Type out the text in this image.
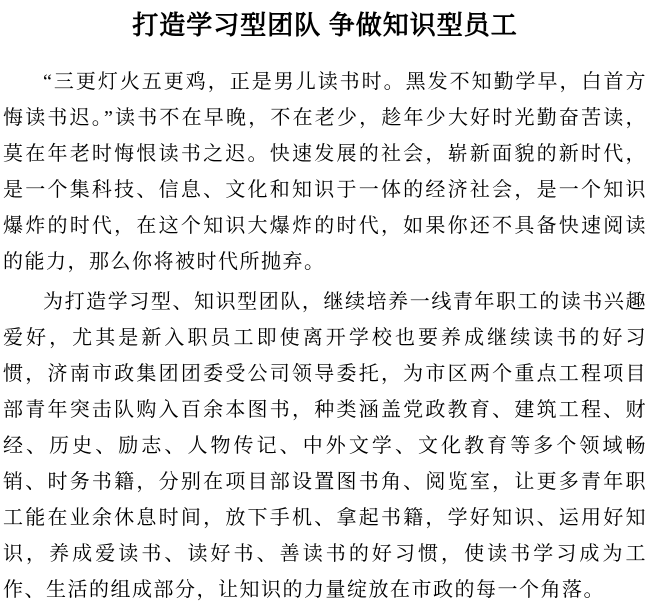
打造学习型团队 争做知识型员工

“三更灯火五更鸡，正是男儿读书时。黑发不知勤学早，白首方悔读书迟。”读书不在早晚，不在老少，趁年少大好时光勤奋苦读，莫在年老时悔恨读书之迟。快速发展的社会，崭新面貌的新时代，是一个集科技、信息、文化和知识于一体的经济社会，是一个知识爆炸的时代，在这个知识大爆炸的时代，如果你还不具备快速阅读的能力，那么你将被时代所抛弃。

为打造学习型、知识型团队，继续培养一线青年职工的读书兴趣爱好，尤其是新入职员工即使离开学校也要养成继续读书的好习惯，济南市政集团团委受公司领导委托，为市区两个重点工程项目部青年突击队购入百余本图书，种类涵盖党政教育、建筑工程、财经、历史、励志、人物传记、中外文学、文化教育等多个领域畅销、时务书籍，分别在项目部设置图书角、阅览室，让更多青年职工能在业余休息时间，放下手机、拿起书籍，学好知识、运用好知识，养成爱读书、读好书、善读书的好习惯，使读书学习成为工作、生活的组成部分，让知识的力量绽放在市政的每一个角落。
